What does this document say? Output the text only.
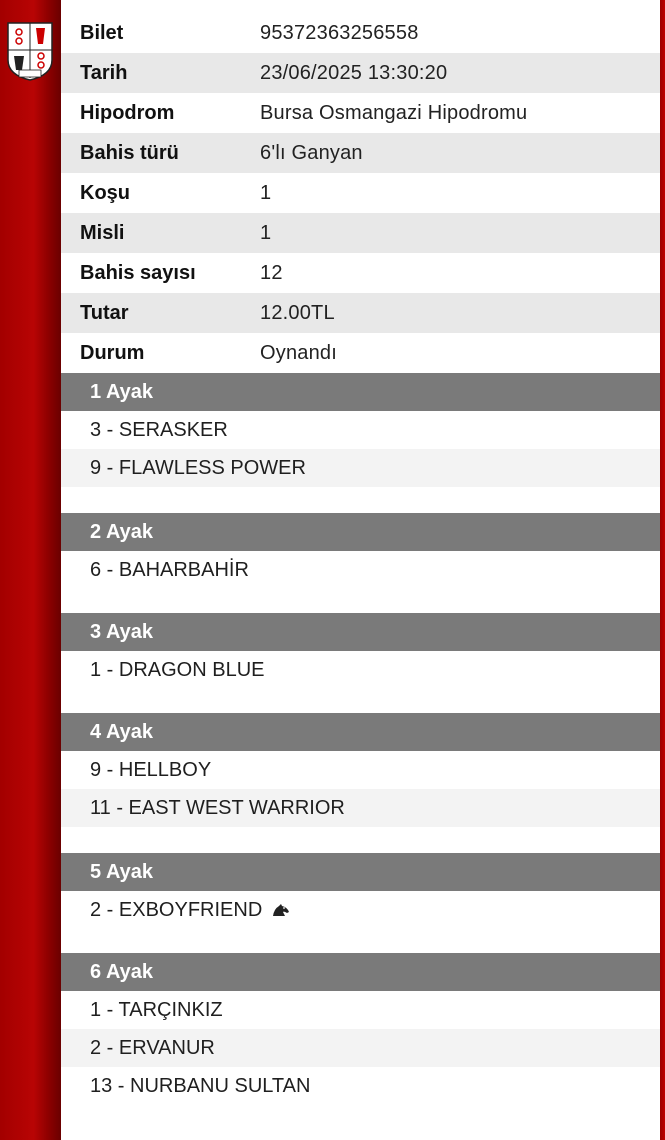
Bilet	95372363256558
Tarih	23/06/2025 13:30:20
Hipodrom	Bursa Osmangazi Hipodromu
Bahis türü	6'lı Ganyan
Koşu	1
Misli	1
Bahis sayısı	12
Tutar	12.00TL
Durum	Oynandı
1 Ayak
3 - SERASKER
9 - FLAWLESS POWER
2 Ayak
6 - BAHARBAHİR
3 Ayak
1 - DRAGON BLUE
4 Ayak
9 - HELLBOY
11 - EAST WEST WARRIOR
5 Ayak
2 - EXBOYFRIEND
6 Ayak
1 - TARÇINKIZ
2 - ERVANUR
13 - NURBANU SULTAN
